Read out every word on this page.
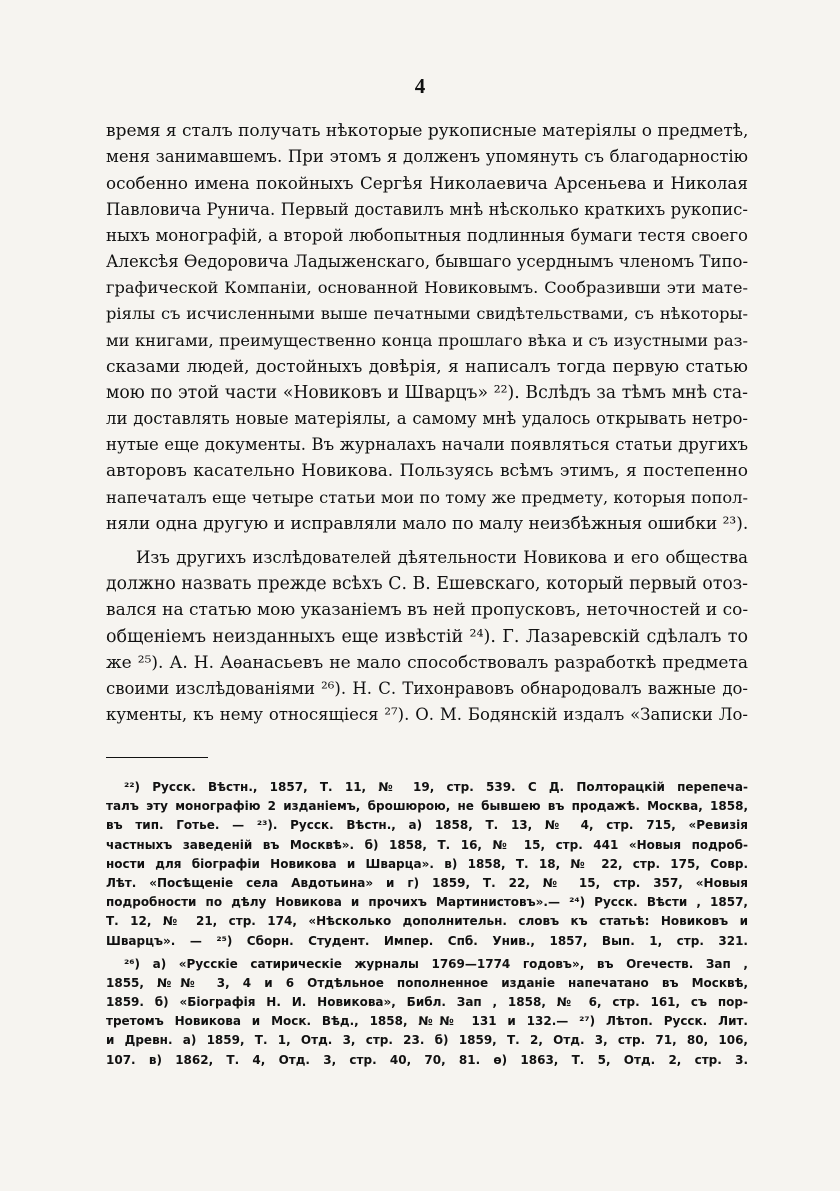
4
время я сталъ получать нѣкоторые рукописные матеріялы о предметѣ,
меня занимавшемъ. При этомъ я долженъ упомянуть съ благодарностію
особенно имена покойныхъ Сергѣя Николаевича Арсеньева и Николая
Павловича Рунича. Первый доставилъ мнѣ нѣсколько краткихъ рукопис-
ныхъ монографій, а второй любопытныя подлинныя бумаги тестя своего
Алексѣя Ѳедоровича Ладыженскаго, бывшаго усерднымъ членомъ Типо-
графической Компаніи, основанной Новиковымъ. Сообразивши эти мате-
ріялы съ исчисленными выше печатными свидѣтельствами, съ нѣкоторы-
ми книгами, преимущественно конца прошлаго вѣка и съ изустными раз-
сказами людей, достойныхъ довѣрія, я написалъ тогда первую статью
мою по этой части «Новиковъ и Шварцъ» ²²). Вслѣдъ за тѣмъ мнѣ ста-
ли доставлять новые матеріялы, а самому мнѣ удалось открывать нетро-
нутые еще документы. Въ журналахъ начали появляться статьи другихъ
авторовъ касательно Новикова. Пользуясь всѣмъ этимъ, я постепенно
напечаталъ еще четыре статьи мои по тому же предмету, которыя попол-
няли одна другую и исправляли мало по малу неизбѣжныя ошибки ²³).
Изъ другихъ изслѣдователей дѣятельности Новикова и его общества
должно назвать прежде всѣхъ С. В. Ешевскаго, который первый отоз-
вался на статью мою указаніемъ въ ней пропусковъ, неточностей и со-
общеніемъ неизданныхъ еще извѣстій ²⁴). Г. Лазаревскій сдѣлалъ то
же ²⁵). А. Н. Аѳанасьевъ не мало способствовалъ разработкѣ предмета
своими изслѣдованіями ²⁶). Н. С. Тихонравовъ обнародовалъ важные до-
кументы, къ нему относящіеся ²⁷). О. М. Бодянскій издалъ «Записки Ло-
²²) Русск. Вѣстн., 1857, Т. 11, № 19, стр. 539. С Д. Полторацкій перепеча-
талъ эту монографію 2 изданіемъ, брошюрою, не бывшею въ продажѣ. Москва, 1858,
въ тип. Готье. — ²³). Русск. Вѣстн., а) 1858, Т. 13, № 4, стр. 715, «Ревизія
частныхъ заведеній въ Москвѣ». б) 1858, Т. 16, № 15, стр. 441 «Новыя подроб-
ности для біографіи Новикова и Шварца». в) 1858, Т. 18, № 22, стр. 175, Совр.
Лѣт. «Посѣщеніе села Авдотьина» и г) 1859, Т. 22, № 15, стр. 357, «Новыя
подробности по дѣлу Новикова и прочихъ Мартинистовъ».— ²⁴) Русск. Вѣсти , 1857,
Т. 12, № 21, стр. 174, «Нѣсколько дополнительн. словъ къ статьѣ: Новиковъ и
Шварцъ». — ²⁵) Сборн. Студент. Импер. Спб. Унив., 1857, Вып. 1, стр. 321.
²⁶) а) «Русскіе сатирическіе журналы 1769—1774 годовъ», въ Огечеств. Зап ,
1855, №№ 3, 4 и 6 Отдѣльное пополненное изданіе напечатано въ Москвѣ,
1859. б) «Біографія Н. И. Новикова», Библ. Зап , 1858, № 6, стр. 161, съ пор-
третомъ Новикова и Моск. Вѣд., 1858, №№ 131 и 132.— ²⁷) Лѣтоп. Русск. Лит.
и Древн. а) 1859, Т. 1, Отд. 3, стр. 23. б) 1859, Т. 2, Отд. 3, стр. 71, 80, 106,
107. в) 1862, Т. 4, Отд. 3, стр. 40, 70, 81. ѳ) 1863, Т. 5, Отд. 2, стр. 3.
